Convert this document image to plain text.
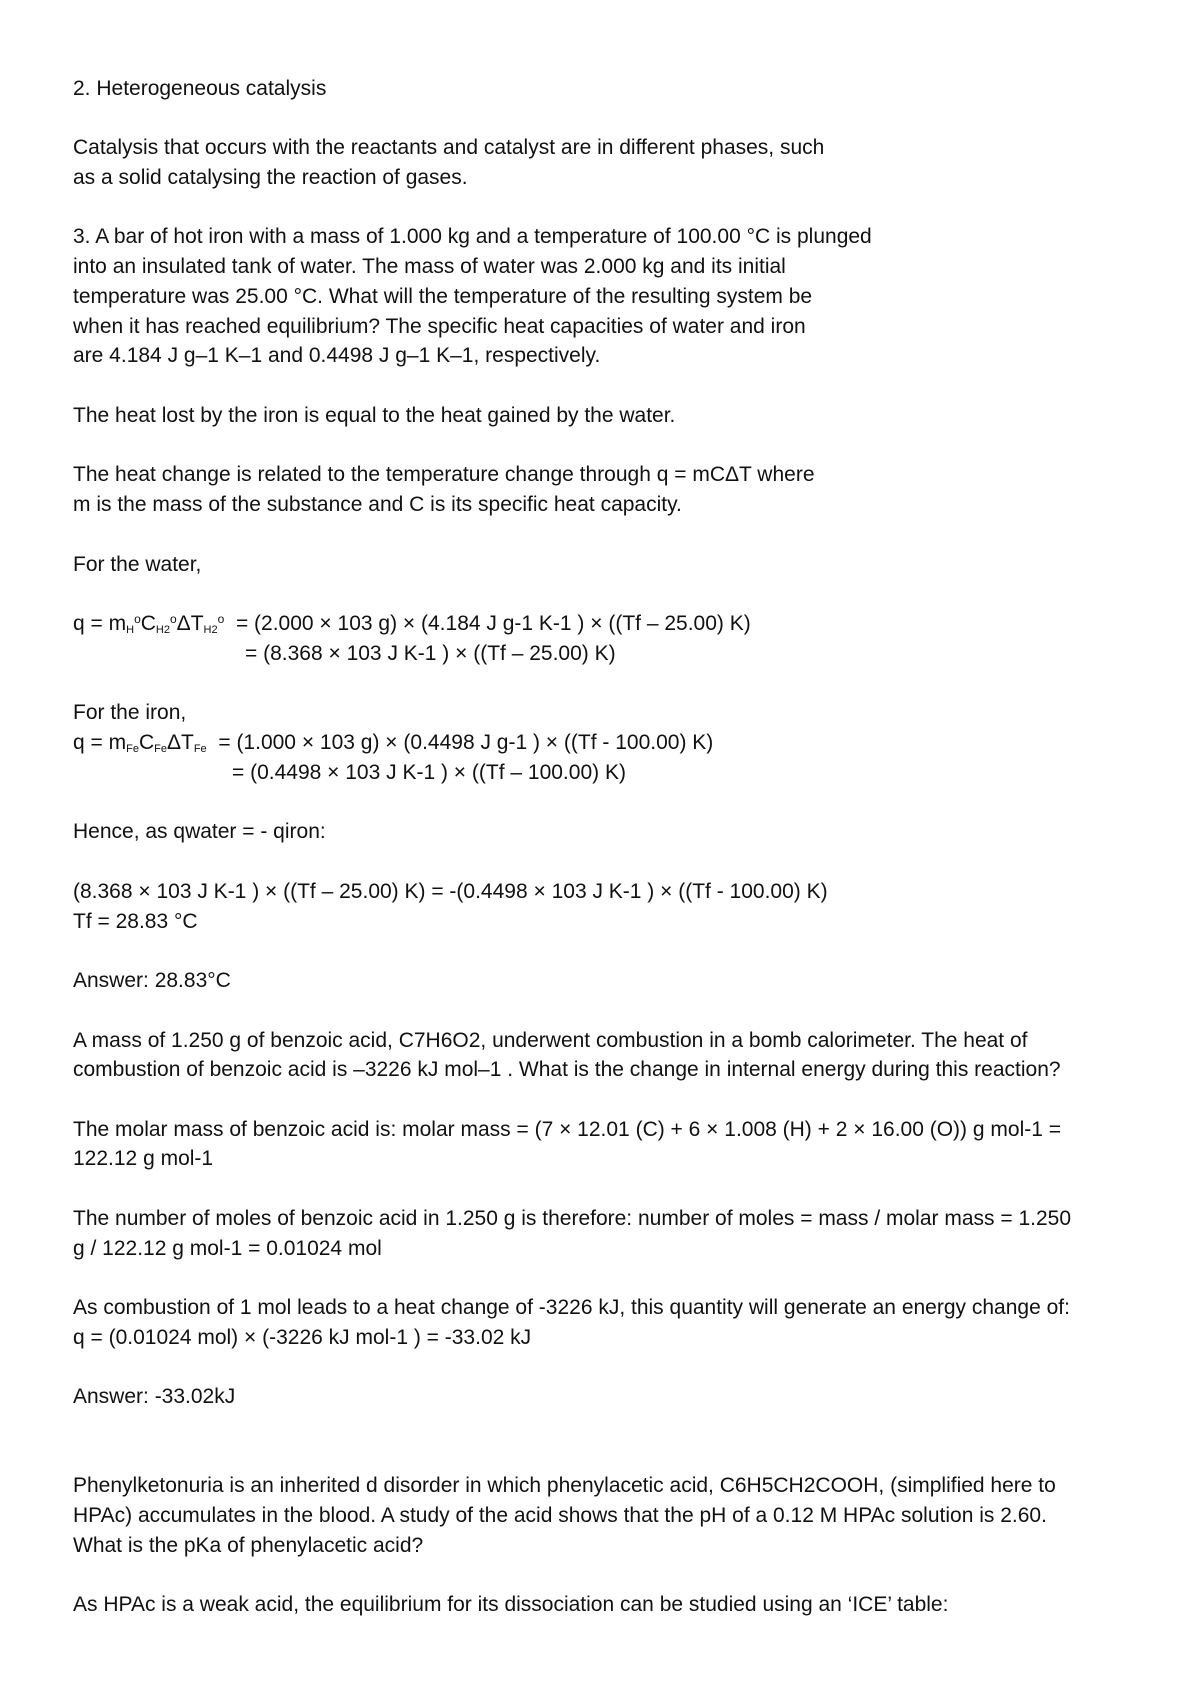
2. Heterogeneous catalysis
Catalysis that occurs with the reactants and catalyst are in different phases, such
as a solid catalysing the reaction of gases.
3. A bar of hot iron with a mass of 1.000 kg and a temperature of 100.00 °C is plunged
into an insulated tank of water. The mass of water was 2.000 kg and its initial
temperature was 25.00 °C. What will the temperature of the resulting system be
when it has reached equilibrium? The specific heat capacities of water and iron
are 4.184 J g–1 K–1 and 0.4498 J g–1 K–1, respectively.
The heat lost by the iron is equal to the heat gained by the water.
The heat change is related to the temperature change through q = mCΔT where
m is the mass of the substance and C is its specific heat capacity.
For the water,
$q = m_H^oC_{H2}^o\Delta T_{H2}^o = (2.000 \times 103$ g) × (4.184 J g-1 K-1 ) × ((Tf – 25.00) K)
= (8.368 × 103 J K-1 ) × ((Tf – 25.00) K)
For the iron,
$q = m_{Fe}C_{Fe}\Delta T_{Fe} = (1.000 \times 103$ g) × (0.4498 J g-1 ) × ((Tf - 100.00) K)
= (0.4498 × 103 J K-1 ) × ((Tf – 100.00) K)
Hence, as qwater = - qiron:
(8.368 × 103 J K-1 ) × ((Tf – 25.00) K) = -(0.4498 × 103 J K-1 ) × ((Tf - 100.00) K)
Tf = 28.83 °C
Answer: 28.83°C
A mass of 1.250 g of benzoic acid, C7H6O2, underwent combustion in a bomb calorimeter. The heat of
combustion of benzoic acid is –3226 kJ mol–1 . What is the change in internal energy during this reaction?
The molar mass of benzoic acid is: molar mass = (7 × 12.01 (C) + 6 × 1.008 (H) + 2 × 16.00 (O)) g mol-1 =
122.12 g mol-1
The number of moles of benzoic acid in 1.250 g is therefore: number of moles = mass / molar mass = 1.250
g / 122.12 g mol-1 = 0.01024 mol
As combustion of 1 mol leads to a heat change of -3226 kJ, this quantity will generate an energy change of:
q = (0.01024 mol) × (-3226 kJ mol-1 ) = -33.02 kJ
Answer: -33.02kJ
Phenylketonuria is an inherited d disorder in which phenylacetic acid, C6H5CH2COOH, (simplified here to
HPAc) accumulates in the blood. A study of the acid shows that the pH of a 0.12 M HPAc solution is 2.60.
What is the pKa of phenylacetic acid?
As HPAc is a weak acid, the equilibrium for its dissociation can be studied using an ‘ICE’ table:
